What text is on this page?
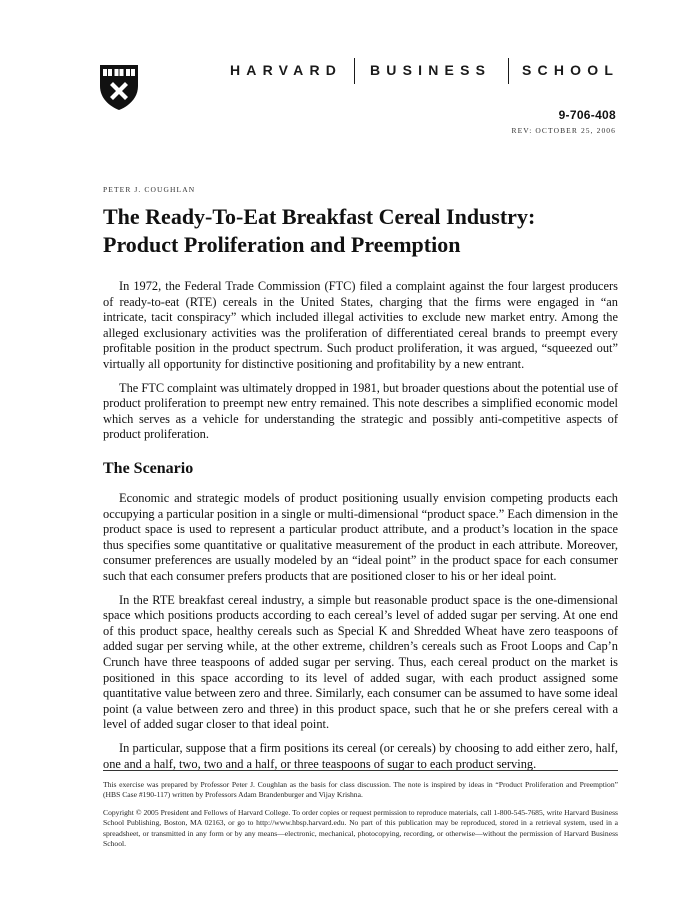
HARVARD BUSINESS SCHOOL
9-706-408
REV: OCTOBER 25, 2006
PETER J. COUGHLAN
The Ready-To-Eat Breakfast Cereal Industry:
Product Proliferation and Preemption

In 1972, the Federal Trade Commission (FTC) filed a complaint against the four largest producers of ready-to-eat (RTE) cereals in the United States, charging that the firms were engaged in “an intricate, tacit conspiracy” which included illegal activities to exclude new market entry. Among the alleged exclusionary activities was the proliferation of differentiated cereal brands to preempt every profitable position in the product spectrum. Such product proliferation, it was argued, “squeezed out” virtually all opportunity for distinctive positioning and profitability by a new entrant.

The FTC complaint was ultimately dropped in 1981, but broader questions about the potential use of product proliferation to preempt new entry remained. This note describes a simplified economic model which serves as a vehicle for understanding the strategic and possibly anti-competitive aspects of product proliferation.

The Scenario

Economic and strategic models of product positioning usually envision competing products each occupying a particular position in a single or multi-dimensional “product space.” Each dimension in the product space is used to represent a particular product attribute, and a product’s location in the space thus specifies some quantitative or qualitative measurement of the product in each attribute. Moreover, consumer preferences are usually modeled by an “ideal point” in the product space for each consumer such that each consumer prefers products that are positioned closer to his or her ideal point.

In the RTE breakfast cereal industry, a simple but reasonable product space is the one-dimensional space which positions products according to each cereal’s level of added sugar per serving. At one end of this product space, healthy cereals such as Special K and Shredded Wheat have zero teaspoons of added sugar per serving while, at the other extreme, children’s cereals such as Froot Loops and Cap’n Crunch have three teaspoons of added sugar per serving. Thus, each cereal product on the market is positioned in this space according to its level of added sugar, with each product assigned some quantitative value between zero and three. Similarly, each consumer can be assumed to have some ideal point (a value between zero and three) in this product space, such that he or she prefers cereal with a level of added sugar closer to that ideal point.

In particular, suppose that a firm positions its cereal (or cereals) by choosing to add either zero, half, one and a half, two, two and a half, or three teaspoons of sugar to each product serving.

This exercise was prepared by Professor Peter J. Coughlan as the basis for class discussion. The note is inspired by ideas in “Product Proliferation and Preemption” (HBS Case #190-117) written by Professors Adam Brandenburger and Vijay Krishna.
Copyright © 2005 President and Fellows of Harvard College. To order copies or request permission to reproduce materials, call 1-800-545-7685, write Harvard Business School Publishing, Boston, MA 02163, or go to http://www.hbsp.harvard.edu. No part of this publication may be reproduced, stored in a retrieval system, used in a spreadsheet, or transmitted in any form or by any means—electronic, mechanical, photocopying, recording, or otherwise—without the permission of Harvard Business School.
